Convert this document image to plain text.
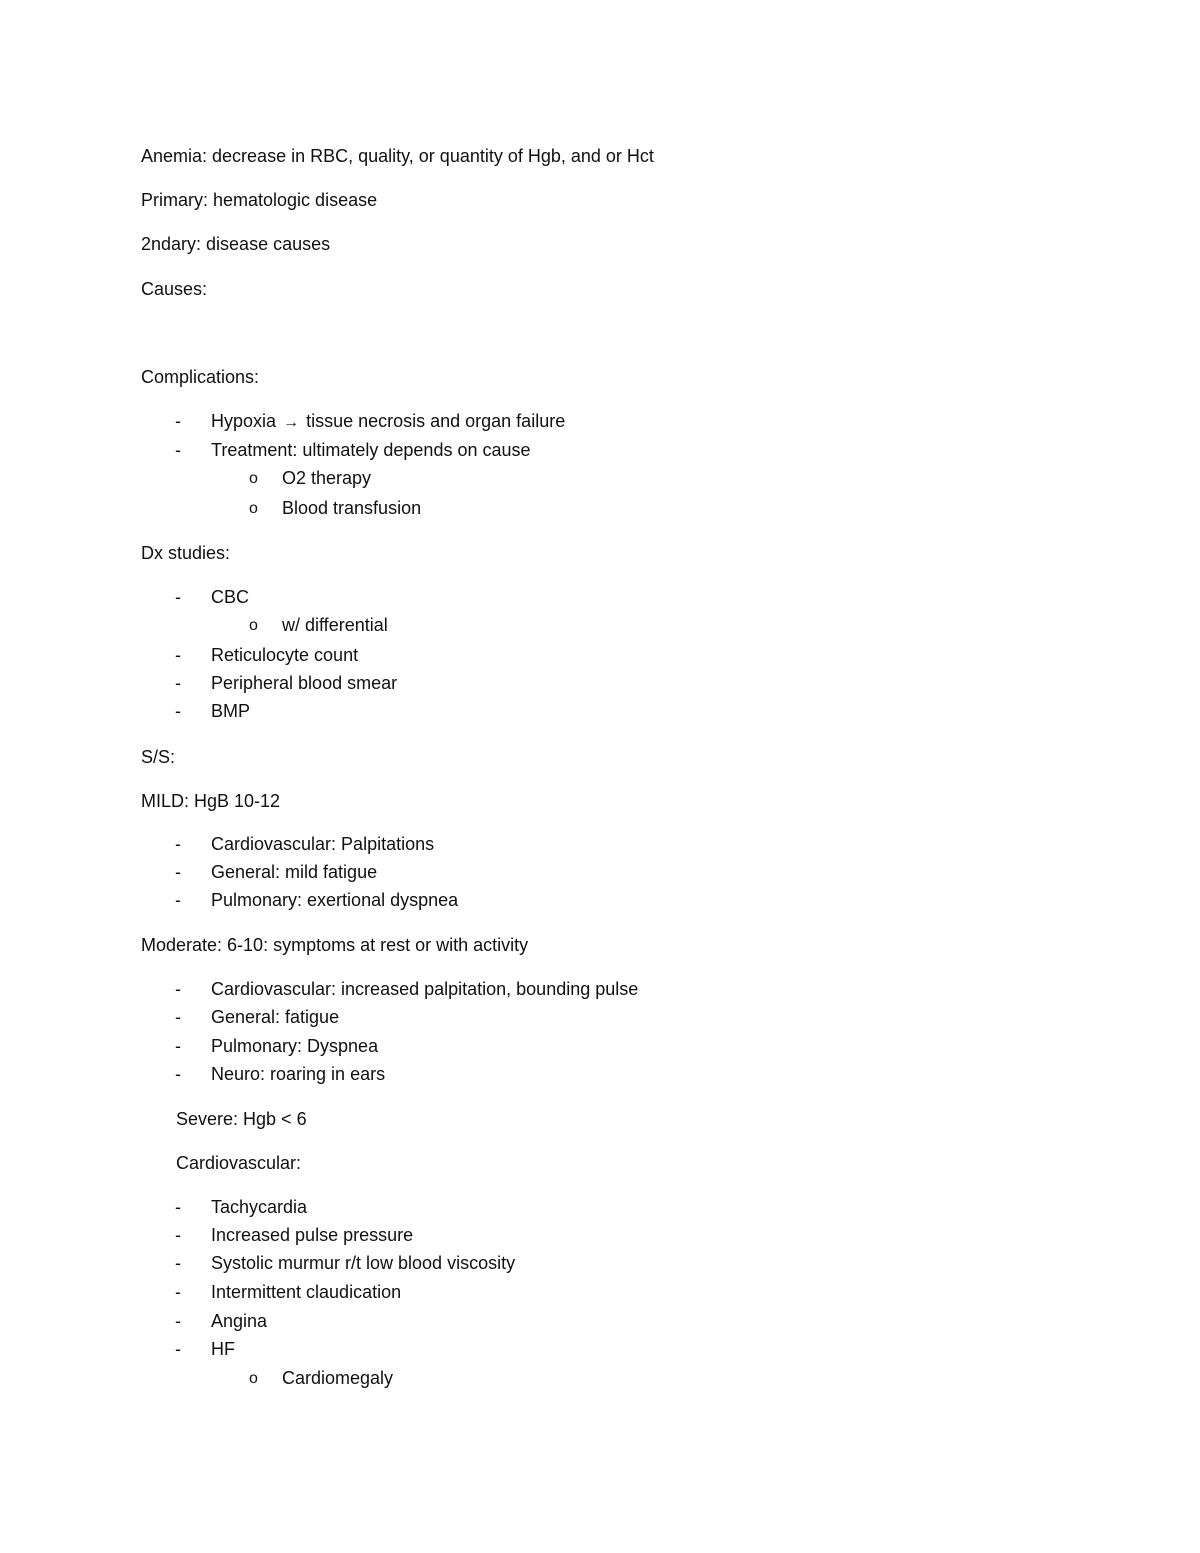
Anemia: decrease in RBC, quality, or quantity of Hgb, and or Hct
Primary: hematologic disease
2ndary: disease causes
Causes:
Complications:
- Hypoxia → tissue necrosis and organ failure
- Treatment: ultimately depends on cause
o O2 therapy
o Blood transfusion
Dx studies:
- CBC
o w/ differential
- Reticulocyte count
- Peripheral blood smear
- BMP
S/S:
MILD: HgB 10-12
- Cardiovascular: Palpitations
- General: mild fatigue
- Pulmonary: exertional dyspnea
Moderate: 6-10: symptoms at rest or with activity
- Cardiovascular: increased palpitation, bounding pulse
- General: fatigue
- Pulmonary: Dyspnea
- Neuro: roaring in ears
Severe: Hgb < 6
Cardiovascular:
- Tachycardia
- Increased pulse pressure
- Systolic murmur r/t low blood viscosity
- Intermittent claudication
- Angina
- HF
o Cardiomegaly
